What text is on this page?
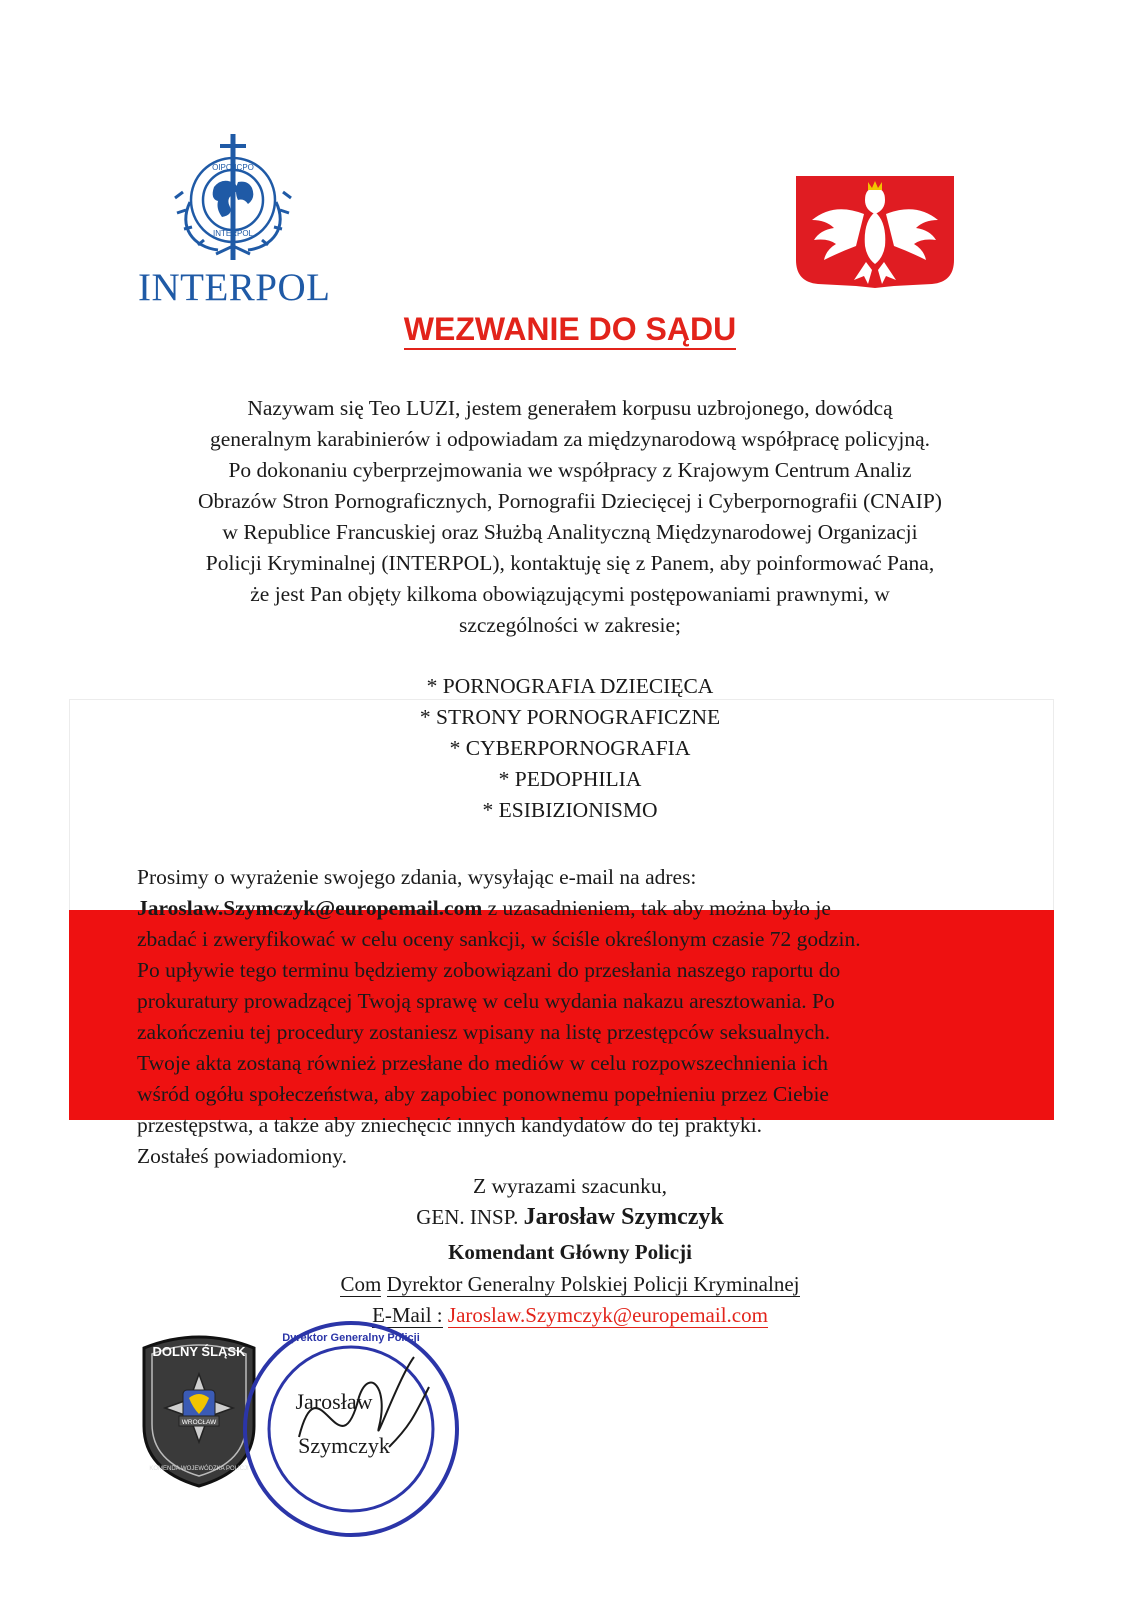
OIPC·ICPO
INTERPOL
INTERPOL
WEZWANIE DO SĄDU
Nazywam się Teo LUZI, jestem generałem korpusu uzbrojonego, dowódcą
generalnym karabinierów i odpowiadam za międzynarodową współpracę policyjną.
Po dokonaniu cyberprzejmowania we współpracy z Krajowym Centrum Analiz
Obrazów Stron Pornograficznych, Pornografii Dziecięcej i Cyberpornografii (CNAIP)
w Republice Francuskiej oraz Służbą Analityczną Międzynarodowej Organizacji
Policji Kryminalnej (INTERPOL), kontaktuję się z Panem, aby poinformować Pana,
że jest Pan objęty kilkoma obowiązującymi postępowaniami prawnymi, w
szczególności w zakresie;
* PORNOGRAFIA DZIECIĘCA
* STRONY PORNOGRAFICZNE
* CYBERPORNOGRAFIA
* PEDOPHILIA
* ESIBIZIONISMO
Prosimy o wyrażenie swojego zdania, wysyłając e-mail na adres:
Jaroslaw.Szymczyk@europemail.com z uzasadnieniem, tak aby można było je
zbadać i zweryfikować w celu oceny sankcji, w ściśle określonym czasie 72 godzin.
Po upływie tego terminu będziemy zobowiązani do przesłania naszego raportu do
prokuratury prowadzącej Twoją sprawę w celu wydania nakazu aresztowania. Po
zakończeniu tej procedury zostaniesz wpisany na listę przestępców seksualnych.
Twoje akta zostaną również przesłane do mediów w celu rozpowszechnienia ich
wśród ogółu społeczeństwa, aby zapobiec ponownemu popełnieniu przez Ciebie
przestępstwa, a także aby zniechęcić innych kandydatów do tej praktyki.
Zostałeś powiadomiony.
Z wyrazami szacunku,
GEN. INSP. Jarosław Szymczyk
Komendant Główny Policji
Com Dyrektor Generalny Polskiej Policji Kryminalnej
E-Mail : Jaroslaw.Szymczyk@europemail.com
DOLNY ŚLĄSK
WROCŁAW
KOMENDA WOJEWÓDZKA POLICJI
Dyrektor Generalny Policji
Jarosław
Szymczyk
